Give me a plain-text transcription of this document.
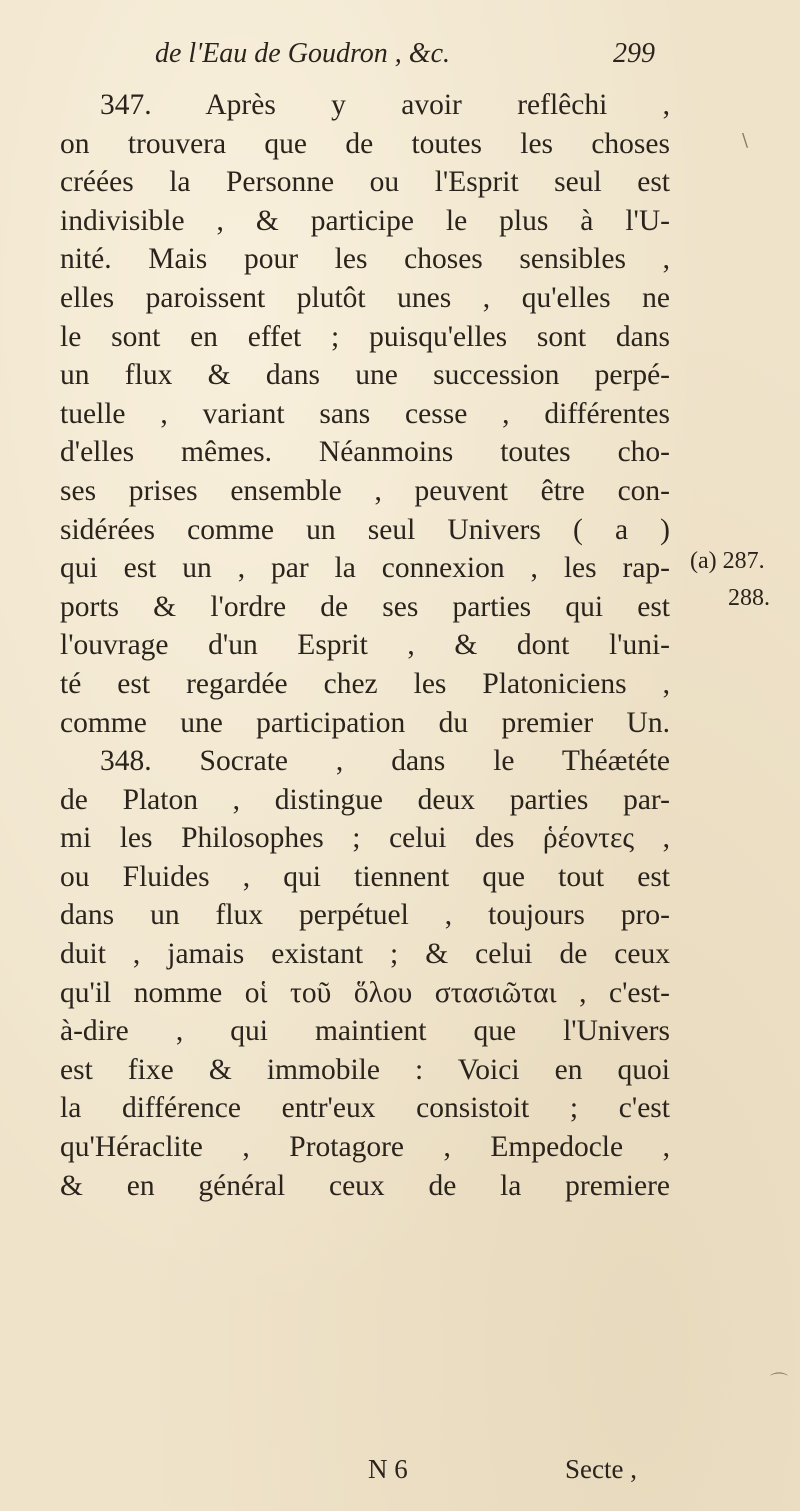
de l'Eau de Goudron , &c.	299
347. Après y avoir reflêchi ,
on trouvera que de toutes les choses
créées la Personne ou l'Esprit seul est
indivisible , & participe le plus à l'U-
nité. Mais pour les choses sensibles ,
elles paroissent plutôt unes , qu'elles ne
le sont en effet ; puisqu'elles sont dans
un flux & dans une succession perpé-
tuelle , variant sans cesse , différentes
d'elles mêmes. Néanmoins toutes cho-
ses prises ensemble , peuvent être con-
sidérées comme un seul Univers ( a )
qui est un , par la connexion , les rap-
ports & l'ordre de ses parties qui est
l'ouvrage d'un Esprit , & dont l'uni-
té est regardée chez les Platoniciens ,
comme une participation du premier Un.
348. Socrate , dans le Théætéte
de Platon , distingue deux parties par-
mi les Philosophes ; celui des ῥέοντες ,
ou Fluides , qui tiennent que tout est
dans un flux perpétuel , toujours pro-
duit , jamais existant ; & celui de ceux
qu'il nomme οἱ τοῦ ὅλου στασιῶται , c'est-
à-dire , qui maintient que l'Univers
est fixe & immobile : Voici en quoi
la différence entr'eux consistoit ; c'est
qu'Héraclite , Protagore , Empedocle ,
& en général ceux de la premiere
(a) 287.
288.
\
⌒
N 6	Secte ,
